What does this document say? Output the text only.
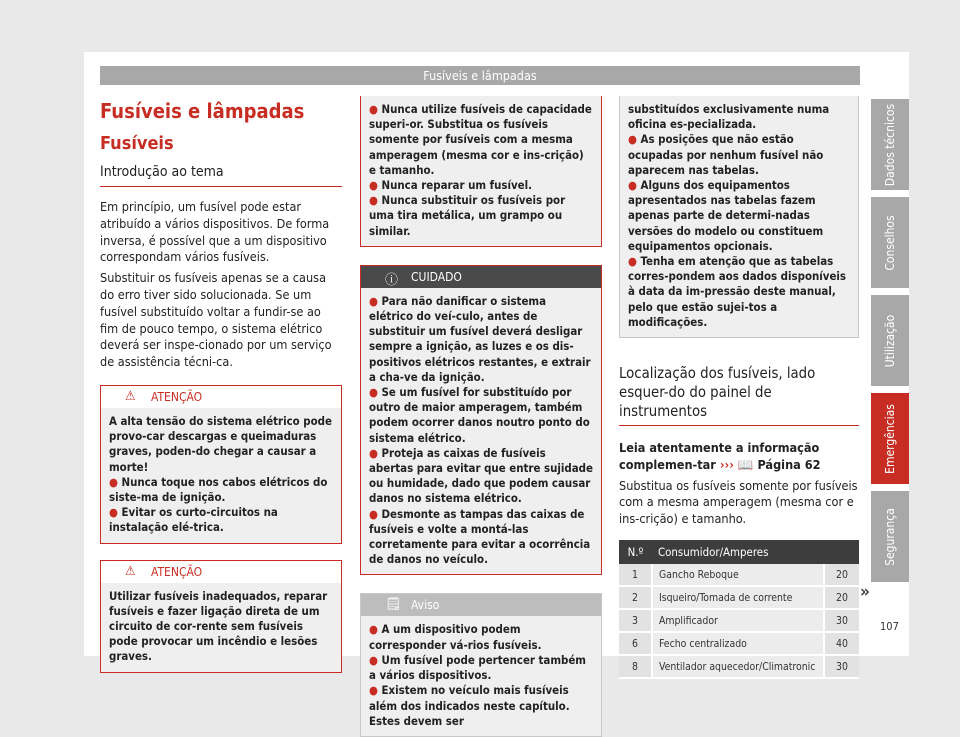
Fusíveis e lâmpadas
Fusíveis e lâmpadas
Fusíveis
Introdução ao tema

Em princípio, um fusível pode estar atribuído a vários dispositivos. De forma inversa, é possível que a um dispositivo correspondam vários fusíveis.

Substituir os fusíveis apenas se a causa do erro tiver sido solucionada. Se um fusível substituído voltar a fundir-se ao fim de pouco tempo, o sistema elétrico deverá ser inspe-cionado por um serviço de assistência técni-ca.

⚠ ATENÇÃO
A alta tensão do sistema elétrico pode provo-car descargas e queimaduras graves, poden-do chegar a causar a morte!
● Nunca toque nos cabos elétricos do siste-ma de ignição.
● Evitar os curto-circuitos na instalação elé-trica.
⚠ ATENÇÃO
Utilizar fusíveis inadequados, reparar fusíveis e fazer ligação direta de um circuito de cor-rente sem fusíveis pode provocar um incêndio e lesões graves.
● Nunca utilize fusíveis de capacidade superi-or. Substitua os fusíveis somente por fusíveis com a mesma amperagem (mesma cor e ins-crição) e tamanho.
● Nunca reparar um fusível.
● Nunca substituir os fusíveis por uma tira metálica, um grampo ou similar.
ⓘ CUIDADO
● Para não danificar o sistema elétrico do veí-culo, antes de substituir um fusível deverá desligar sempre a ignição, as luzes e os dis-positivos elétricos restantes, e extrair a cha-ve da ignição.
● Se um fusível for substituído por outro de maior amperagem, também podem ocorrer danos noutro ponto do sistema elétrico.
● Proteja as caixas de fusíveis abertas para evitar que entre sujidade ou humidade, dado que podem causar danos no sistema elétrico.
● Desmonte as tampas das caixas de fusíveis e volte a montá-las corretamente para evitar a ocorrência de danos no veículo.
🗒 Aviso
● A um dispositivo podem corresponder vá-rios fusíveis.
● Um fusível pode pertencer também a vários dispositivos.
● Existem no veículo mais fusíveis além dos indicados neste capítulo. Estes devem ser
substituídos exclusivamente numa oficina es-pecializada.
● As posições que não estão ocupadas por nenhum fusível não aparecem nas tabelas.
● Alguns dos equipamentos apresentados nas tabelas fazem apenas parte de determi-nadas versões do modelo ou constituem equipamentos opcionais.
● Tenha em atenção que as tabelas corres-pondem aos dados disponíveis à data da im-pressão deste manual, pelo que estão sujei-tos a modificações.
Localização dos fusíveis, lado esquer-do do painel de instrumentos

Leia atentamente a informação complemen-tar ››› 📖 Página 62

Substitua os fusíveis somente por fusíveis com a mesma amperagem (mesma cor e ins-crição) e tamanho.

N.º	Consumidor/Amperes	
1	Gancho Reboque	20
2	Isqueiro/Tomada de corrente	20
3	Amplificador	30
6	Fecho centralizado	40
8	Ventilador aquecedor/Climatronic	30
»
107
Dados técnicos
Conselhos
Utilização
Emergências
Segurança
